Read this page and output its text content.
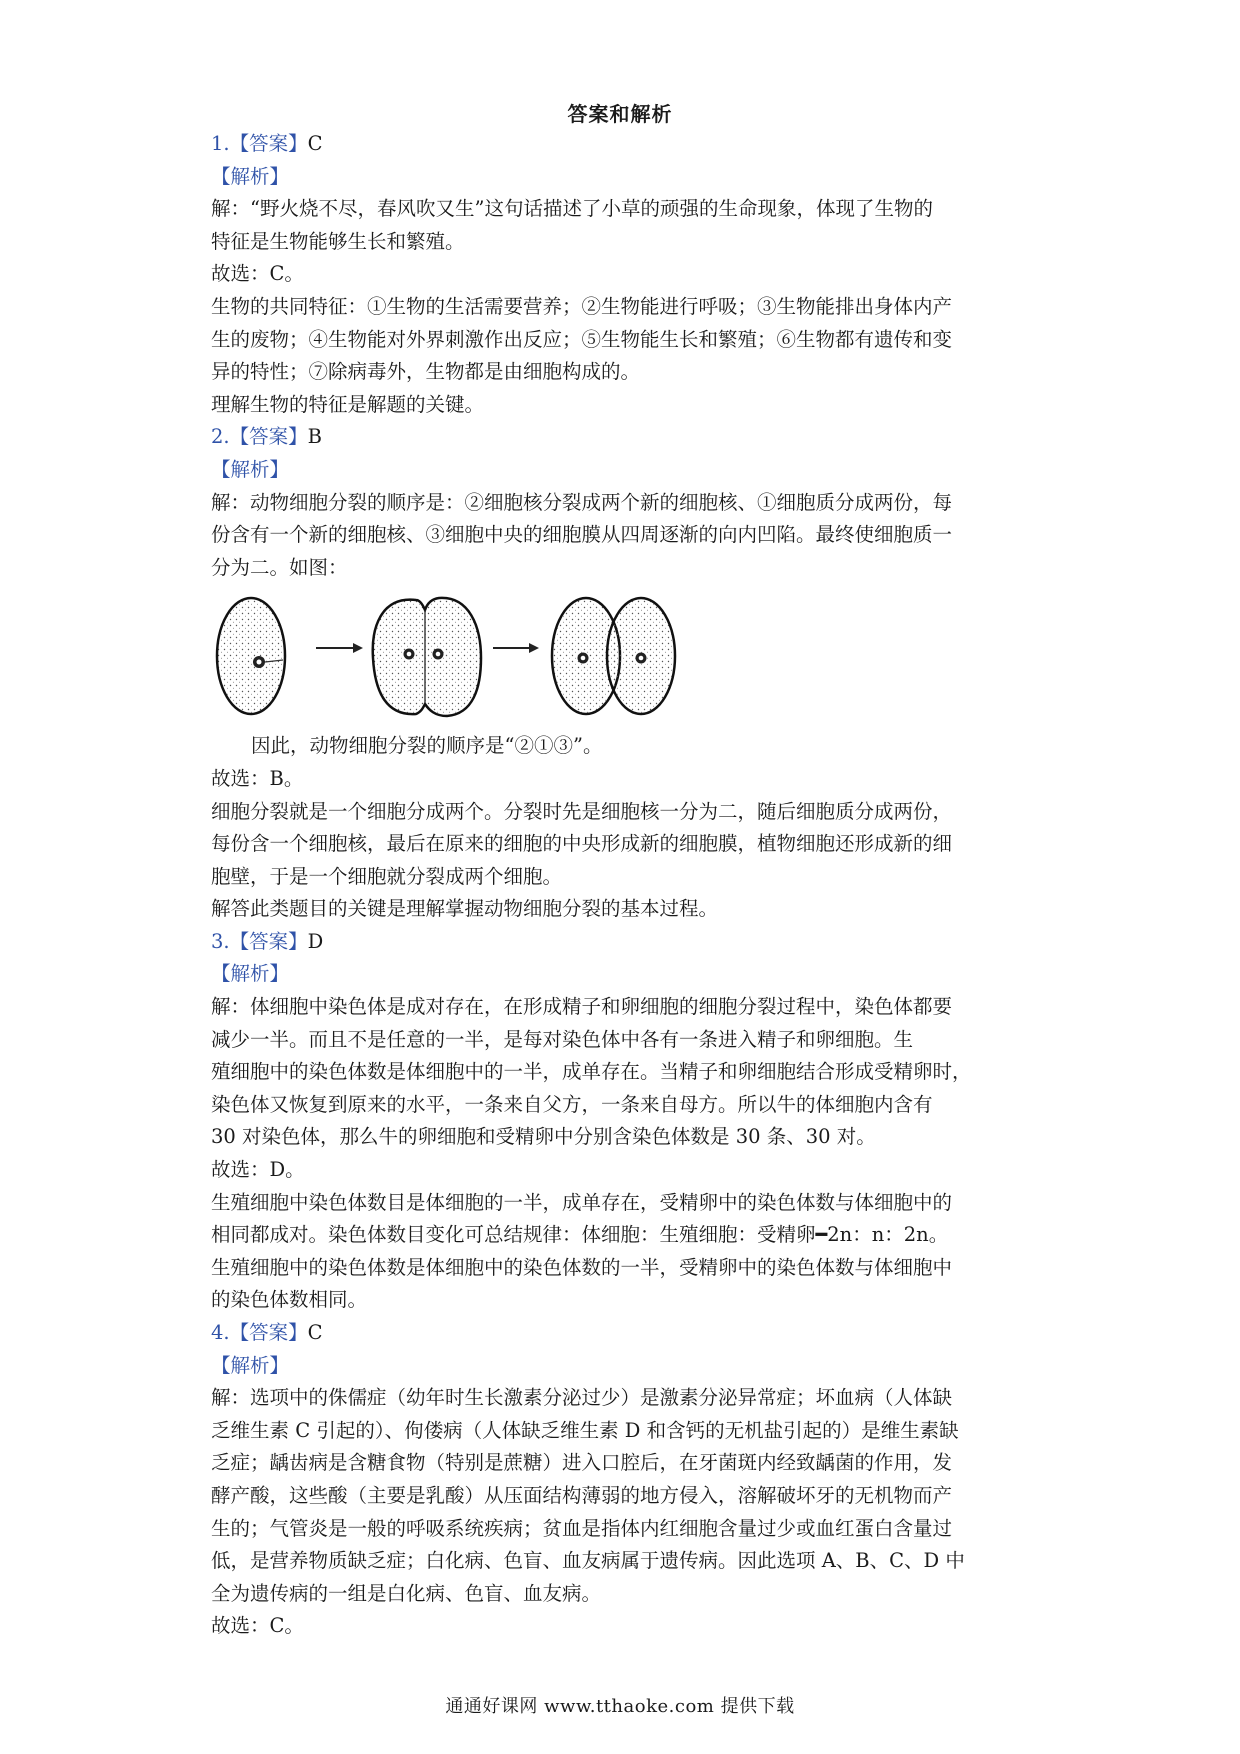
答案和解析

1.【答案】C

【解析】

解：“野火烧不尽，春风吹又生”这句话描述了小草的顽强的生命现象，体现了生物的

特征是生物能够生长和繁殖。

故选：C。

生物的共同特征：①生物的生活需要营养；②生物能进行呼吸；③生物能排出身体内产

生的废物；④生物能对外界刺激作出反应；⑤生物能生长和繁殖；⑥生物都有遗传和变

异的特性；⑦除病毒外，生物都是由细胞构成的。

理解生物的特征是解题的关键。

2.【答案】B

【解析】

解：动物细胞分裂的顺序是：②细胞核分裂成两个新的细胞核、①细胞质分成两份，每

份含有一个新的细胞核、③细胞中央的细胞膜从四周逐渐的向内凹陷。最终使细胞质一

分为二。如图：

因此，动物细胞分裂的顺序是“②①③”。

故选：B。

细胞分裂就是一个细胞分成两个。分裂时先是细胞核一分为二，随后细胞质分成两份，

每份含一个细胞核，最后在原来的细胞的中央形成新的细胞膜，植物细胞还形成新的细

胞壁，于是一个细胞就分裂成两个细胞。

解答此类题目的关键是理解掌握动物细胞分裂的基本过程。

3.【答案】D

【解析】

解：体细胞中染色体是成对存在，在形成精子和卵细胞的细胞分裂过程中，染色体都要

减少一半。而且不是任意的一半，是每对染色体中各有一条进入精子和卵细胞。生

殖细胞中的染色体数是体细胞中的一半，成单存在。当精子和卵细胞结合形成受精卵时，

染色体又恢复到原来的水平，一条来自父方，一条来自母方。所以牛的体细胞内含有

30 对染色体，那么牛的卵细胞和受精卵中分别含染色体数是 30 条、30 对。

故选：D。

生殖细胞中染色体数目是体细胞的一半，成单存在，受精卵中的染色体数与体细胞中的

相同都成对。染色体数目变化可总结规律：体细胞：生殖细胞：受精卵━2n：n：2n。

生殖细胞中的染色体数是体细胞中的染色体数的一半，受精卵中的染色体数与体细胞中

的染色体数相同。

4.【答案】C

【解析】

解：选项中的侏儒症（幼年时生长激素分泌过少）是激素分泌异常症；坏血病（人体缺

乏维生素 C 引起的）、佝偻病（人体缺乏维生素 D 和含钙的无机盐引起的）是维生素缺

乏症；龋齿病是含糖食物（特别是蔗糖）进入口腔后，在牙菌斑内经致龋菌的作用，发

酵产酸，这些酸（主要是乳酸）从压面结构薄弱的地方侵入，溶解破坏牙的无机物而产

生的；气管炎是一般的呼吸系统疾病；贫血是指体内红细胞含量过少或血红蛋白含量过

低，是营养物质缺乏症；白化病、色盲、血友病属于遗传病。因此选项 A、B、C、D 中

全为遗传病的一组是白化病、色盲、血友病。

故选：C。

通通好课网 www.tthaoke.com 提供下载
